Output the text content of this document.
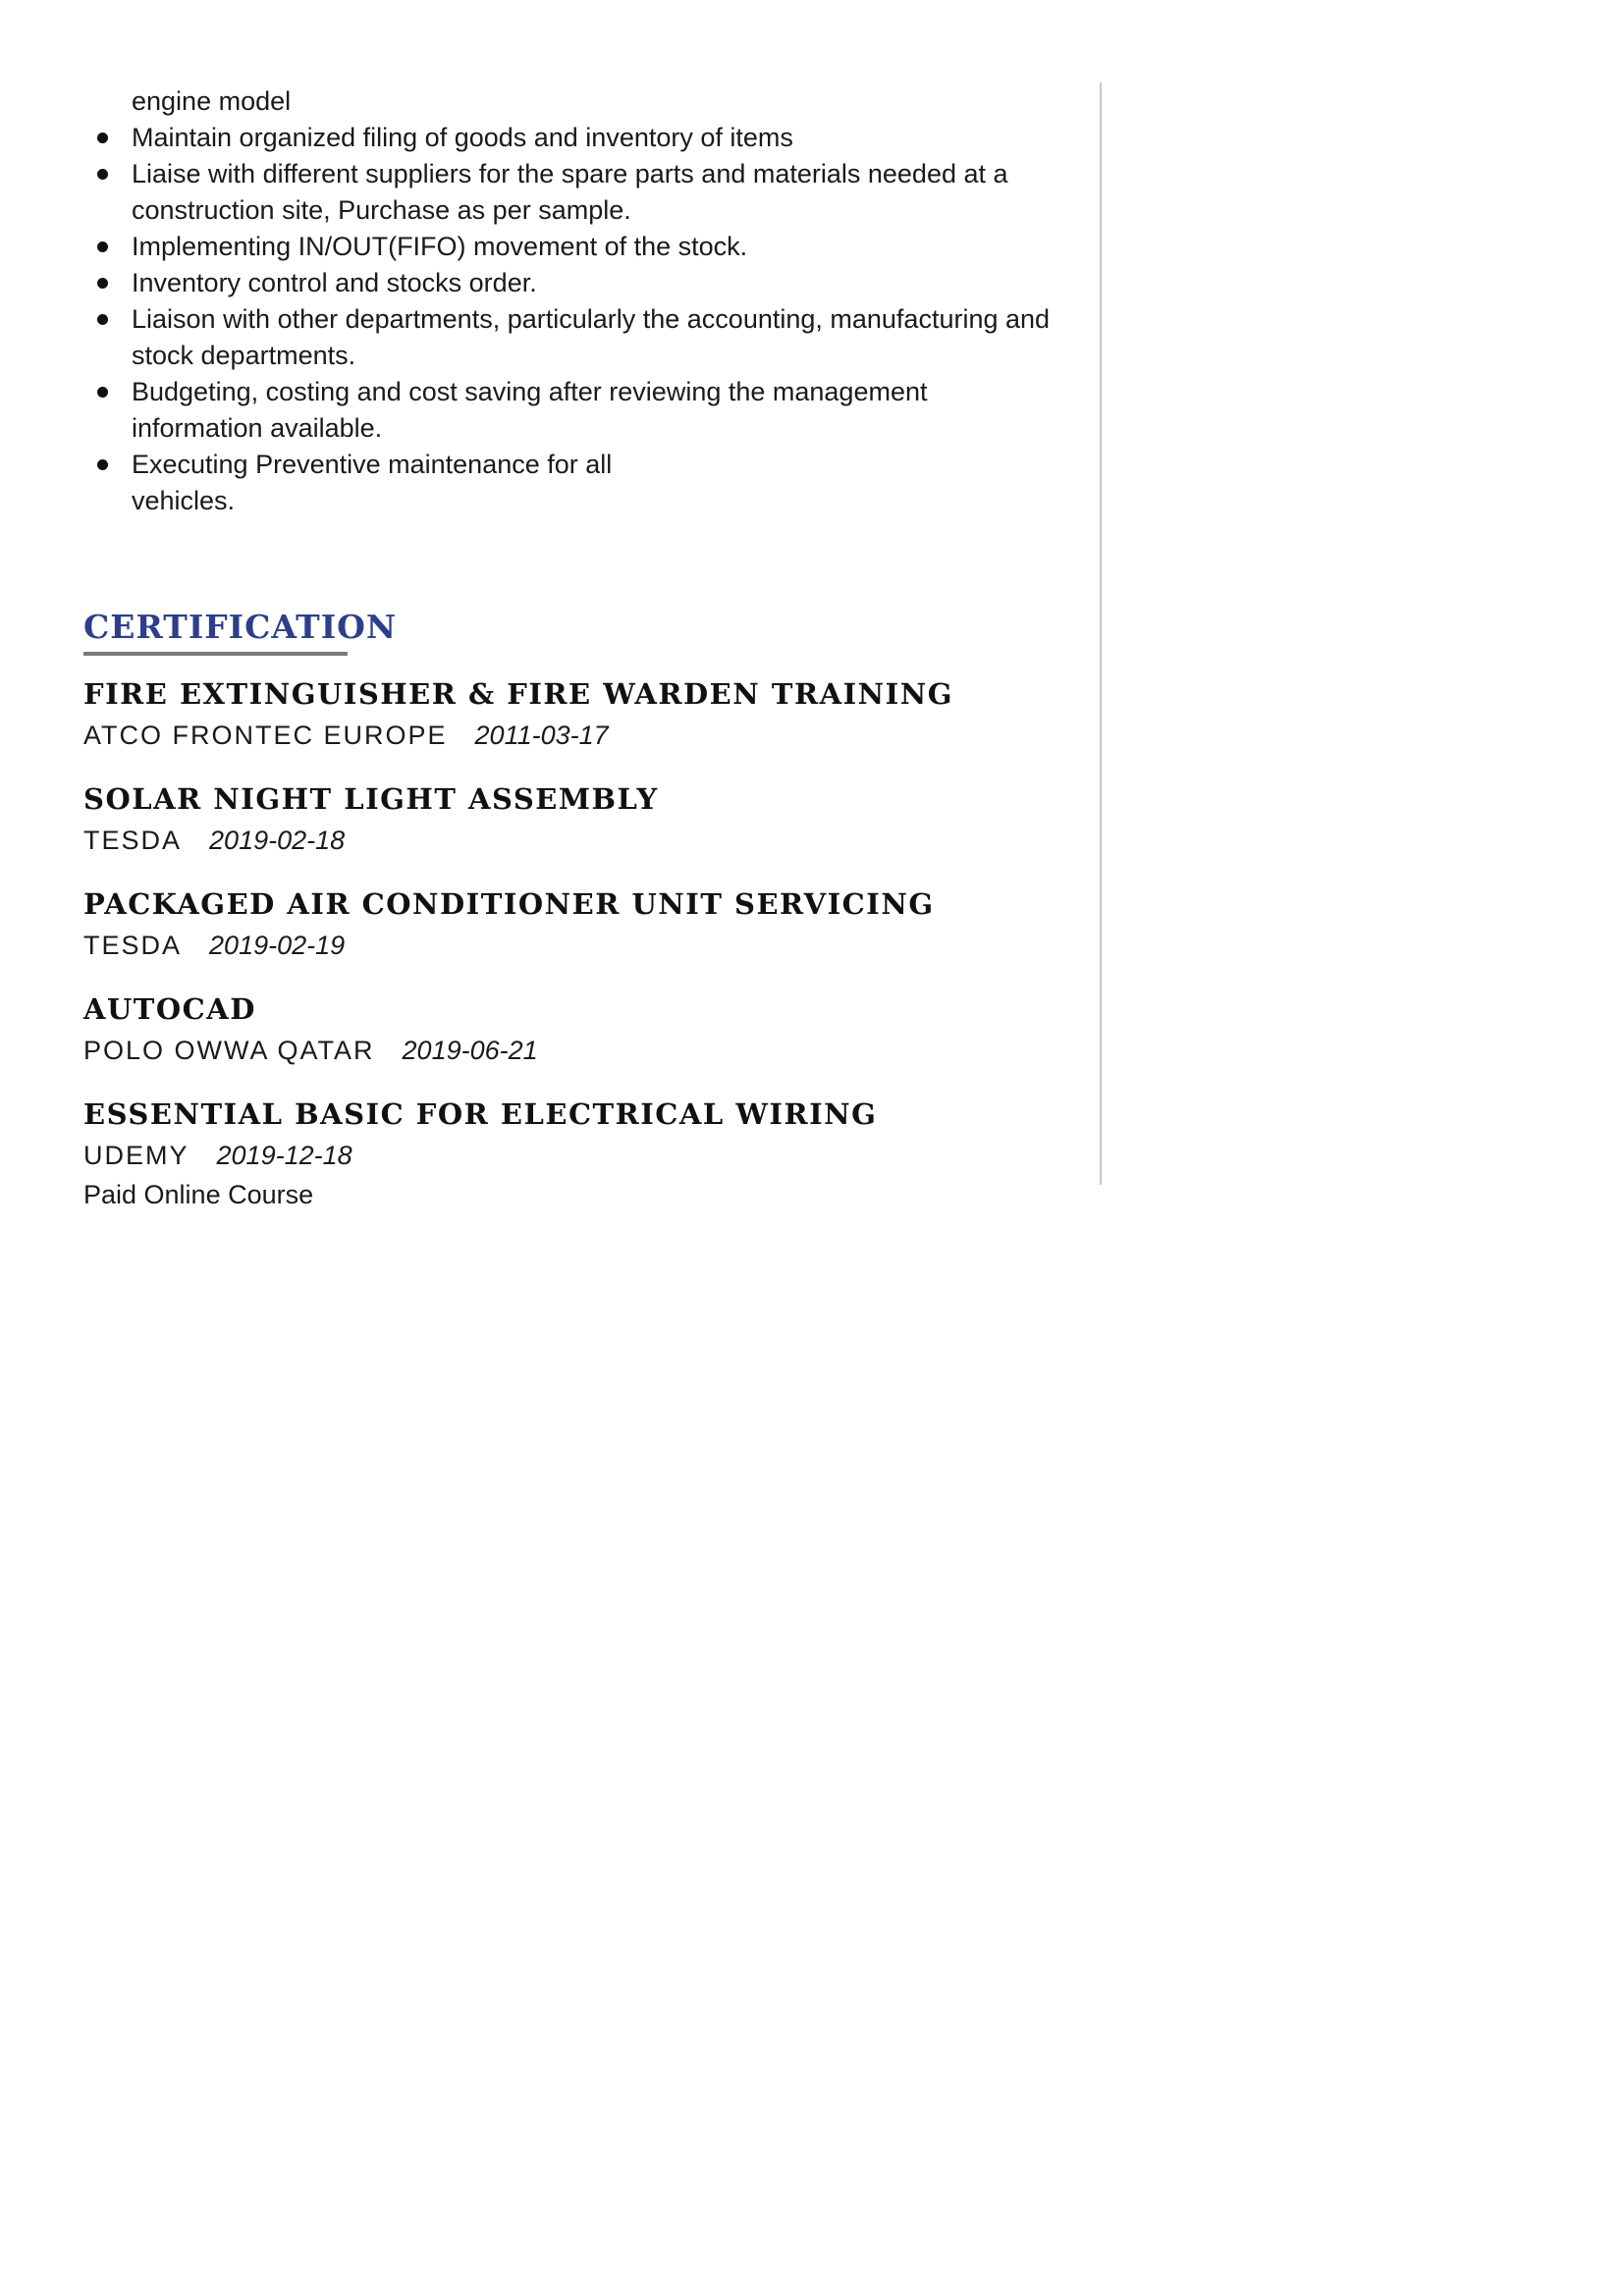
engine model

Maintain organized filing of goods and inventory of items
Liaise with different suppliers for the spare parts and materials needed at a construction site, Purchase as per sample.
Implementing IN/OUT(FIFO) movement of the stock.
Inventory control and stocks order.
Liaison with other departments, particularly the accounting, manufacturing and stock departments.
Budgeting, costing and cost saving after reviewing the management information available.
Executing Preventive maintenance for all vehicles.
CERTIFICATION

FIRE EXTINGUISHER & FIRE WARDEN TRAINING

ATCO FRONTEC EUROPE 2011-03-17

SOLAR NIGHT LIGHT ASSEMBLY

TESDA 2019-02-18

PACKAGED AIR CONDITIONER UNIT SERVICING

TESDA 2019-02-19

AUTOCAD

POLO OWWA QATAR 2019-06-21

ESSENTIAL BASIC FOR ELECTRICAL WIRING

UDEMY 2019-12-18

Paid Online Course
